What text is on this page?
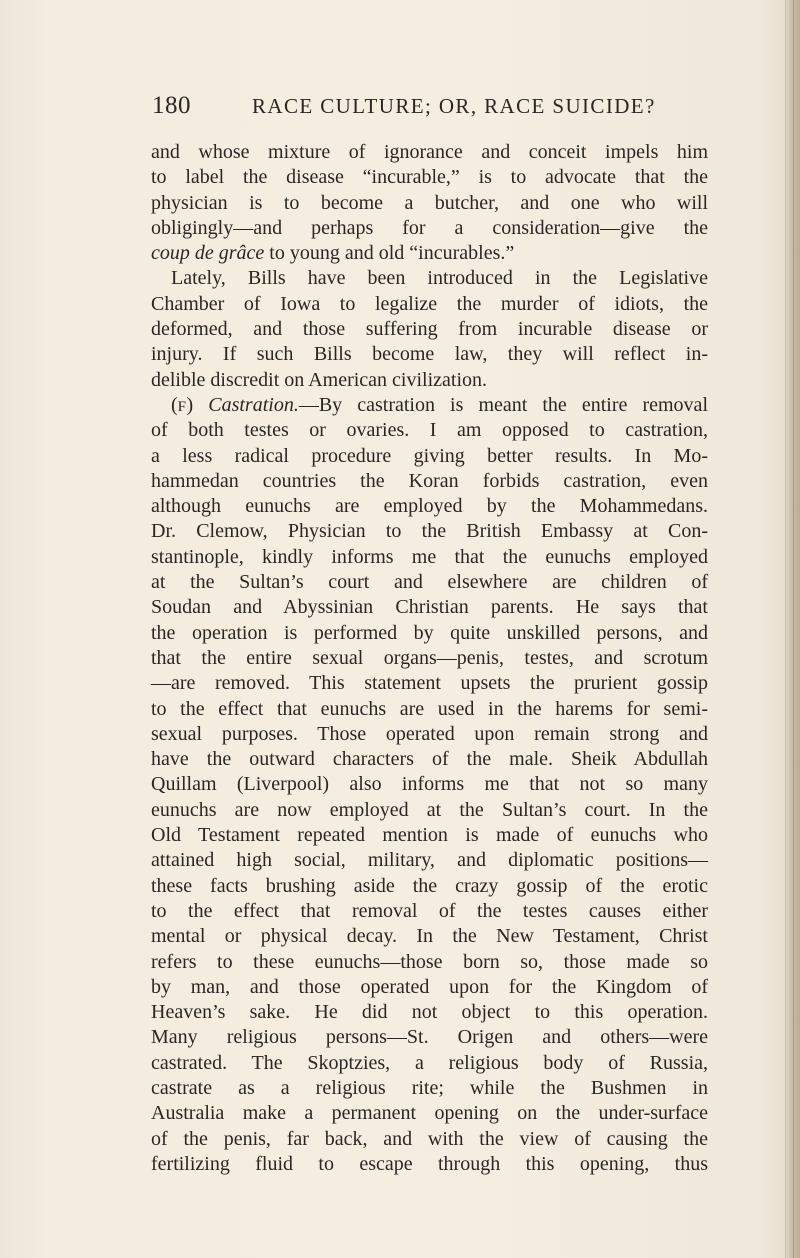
180	RACE CULTURE; OR, RACE SUICIDE?
and whose mixture of ignorance and conceit impels him
to label the disease “incurable,” is to advocate that the
physician is to become a butcher, and one who will
obligingly—and perhaps for a consideration—give the
coup de grâce to young and old “incurables.”
Lately, Bills have been introduced in the Legislative
Chamber of Iowa to legalize the murder of idiots, the
deformed, and those suffering from incurable disease or
injury. If such Bills become law, they will reflect in-
delible discredit on American civilization.
(F) Castration.—By castration is meant the entire removal
of both testes or ovaries. I am opposed to castration,
a less radical procedure giving better results. In Mo-
hammedan countries the Koran forbids castration, even
although eunuchs are employed by the Mohammedans.
Dr. Clemow, Physician to the British Embassy at Con-
stantinople, kindly informs me that the eunuchs employed
at the Sultan’s court and elsewhere are children of
Soudan and Abyssinian Christian parents. He says that
the operation is performed by quite unskilled persons, and
that the entire sexual organs—penis, testes, and scrotum
—are removed. This statement upsets the prurient gossip
to the effect that eunuchs are used in the harems for semi-
sexual purposes. Those operated upon remain strong and
have the outward characters of the male. Sheik Abdullah
Quillam (Liverpool) also informs me that not so many
eunuchs are now employed at the Sultan’s court. In the
Old Testament repeated mention is made of eunuchs who
attained high social, military, and diplomatic positions—
these facts brushing aside the crazy gossip of the erotic
to the effect that removal of the testes causes either
mental or physical decay. In the New Testament, Christ
refers to these eunuchs—those born so, those made so
by man, and those operated upon for the Kingdom of
Heaven’s sake. He did not object to this operation.
Many religious persons—St. Origen and others—were
castrated. The Skoptzies, a religious body of Russia,
castrate as a religious rite; while the Bushmen in
Australia make a permanent opening on the under-surface
of the penis, far back, and with the view of causing the
fertilizing fluid to escape through this opening, thus
